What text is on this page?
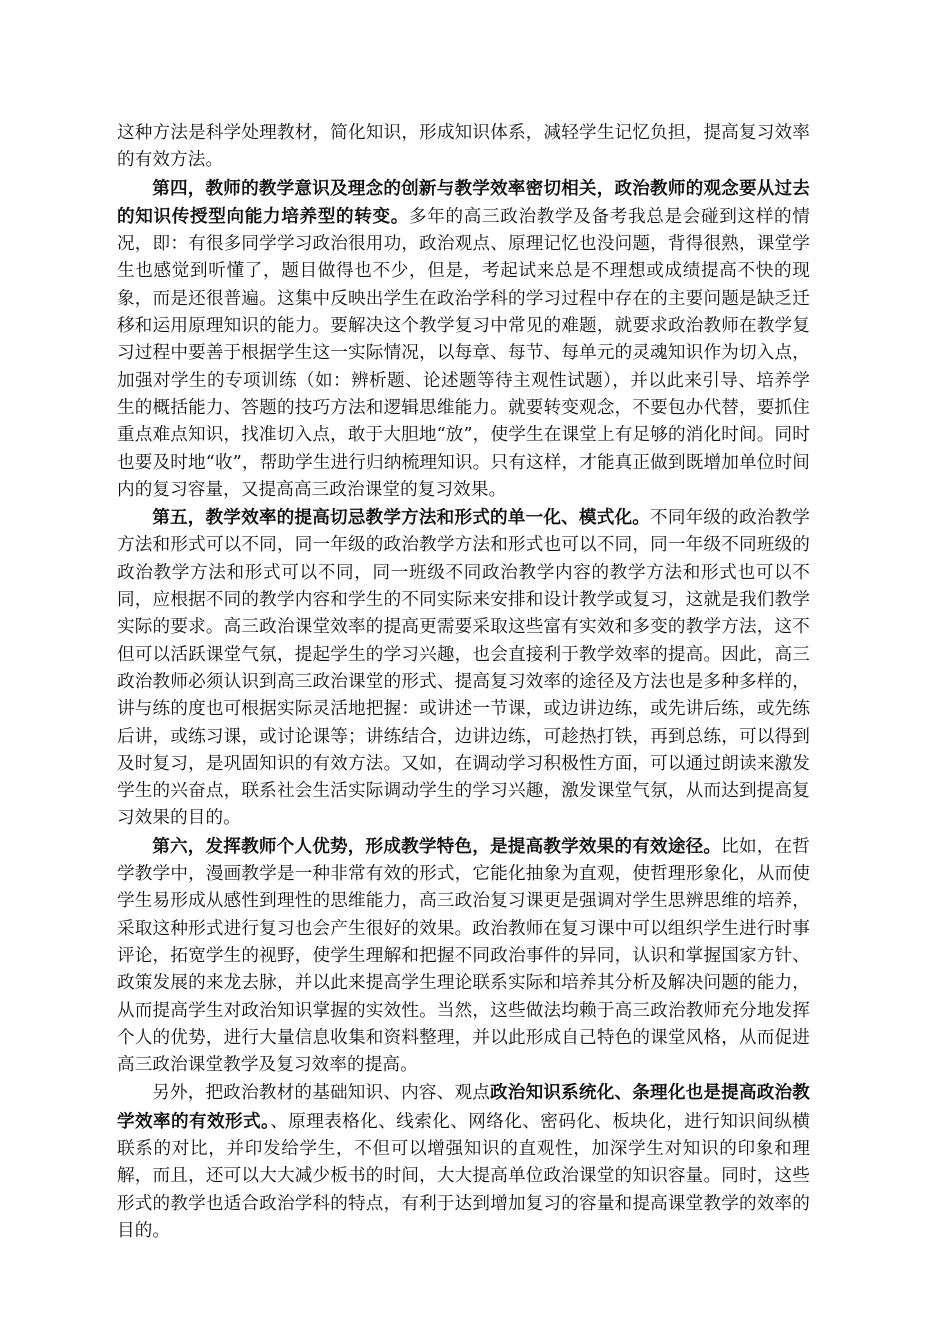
这种方法是科学处理教材，简化知识，形成知识体系，减轻学生记忆负担，提高复习效率的有效方法。

第四，教师的教学意识及理念的创新与教学效率密切相关，政治教师的观念要从过去的知识传授型向能力培养型的转变。多年的高三政治教学及备考我总是会碰到这样的情况，即：有很多同学学习政治很用功，政治观点、原理记忆也没问题，背得很熟，课堂学生也感觉到听懂了，题目做得也不少，但是，考起试来总是不理想或成绩提高不快的现象，而是还很普遍。这集中反映出学生在政治学科的学习过程中存在的主要问题是缺乏迁移和运用原理知识的能力。要解决这个教学复习中常见的难题，就要求政治教师在教学复习过程中要善于根据学生这一实际情况，以每章、每节、每单元的灵魂知识作为切入点，加强对学生的专项训练（如：辨析题、论述题等待主观性试题），并以此来引导、培养学生的概括能力、答题的技巧方法和逻辑思维能力。就要转变观念，不要包办代替，要抓住重点难点知识，找准切入点，敢于大胆地“放”，使学生在课堂上有足够的消化时间。同时也要及时地“收”，帮助学生进行归纳梳理知识。只有这样，才能真正做到既增加单位时间内的复习容量，又提高高三政治课堂的复习效果。

第五，教学效率的提高切忌教学方法和形式的单一化、模式化。不同年级的政治教学方法和形式可以不同，同一年级的政治教学方法和形式也可以不同，同一年级不同班级的政治教学方法和形式可以不同，同一班级不同政治教学内容的教学方法和形式也可以不同，应根据不同的教学内容和学生的不同实际来安排和设计教学或复习，这就是我们教学实际的要求。高三政治课堂效率的提高更需要采取这些富有实效和多变的教学方法，这不但可以活跃课堂气氛，提起学生的学习兴趣，也会直接利于教学效率的提高。因此，高三政治教师必须认识到高三政治课堂的形式、提高复习效率的途径及方法也是多种多样的，讲与练的度也可根据实际灵活地把握：或讲述一节课，或边讲边练，或先讲后练，或先练后讲，或练习课，或讨论课等；讲练结合，边讲边练，可趁热打铁，再到总练，可以得到及时复习，是巩固知识的有效方法。又如，在调动学习积极性方面，可以通过朗读来激发学生的兴奋点，联系社会生活实际调动学生的学习兴趣，激发课堂气氛，从而达到提高复习效果的目的。

第六，发挥教师个人优势，形成教学特色，是提高教学效果的有效途径。比如，在哲学教学中，漫画教学是一种非常有效的形式，它能化抽象为直观，使哲理形象化，从而使学生易形成从感性到理性的思维能力，高三政治复习课更是强调对学生思辨思维的培养，采取这种形式进行复习也会产生很好的效果。政治教师在复习课中可以组织学生进行时事评论，拓宽学生的视野，使学生理解和把握不同政治事件的异同，认识和掌握国家方针、政策发展的来龙去脉，并以此来提高学生理论联系实际和培养其分析及解决问题的能力，从而提高学生对政治知识掌握的实效性。当然，这些做法均赖于高三政治教师充分地发挥个人的优势，进行大量信息收集和资料整理，并以此形成自己特色的课堂风格，从而促进高三政治课堂教学及复习效率的提高。

另外，把政治教材的基础知识、内容、观点政治知识系统化、条理化也是提高政治教学效率的有效形式。、原理表格化、线索化、网络化、密码化、板块化，进行知识间纵横联系的对比，并印发给学生，不但可以增强知识的直观性，加深学生对知识的印象和理解，而且，还可以大大减少板书的时间，大大提高单位政治课堂的知识容量。同时，这些形式的教学也适合政治学科的特点，有利于达到增加复习的容量和提高课堂教学的效率的目的。
